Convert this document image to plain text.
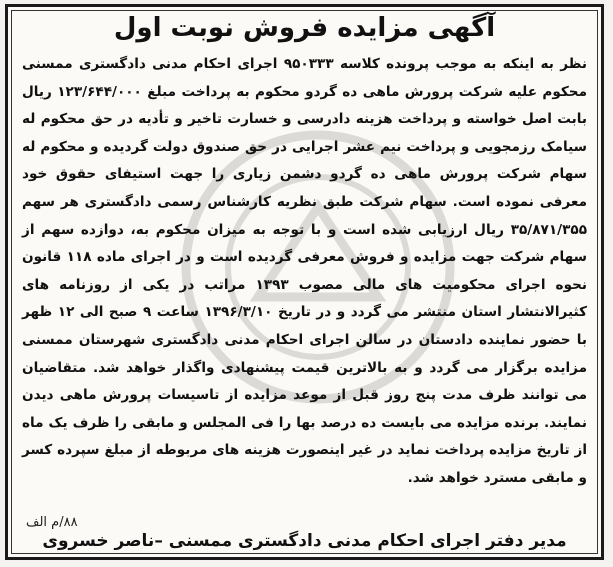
آگهی مزایده فروش نوبت اول
نظر به اینکه به موجب پرونده کلاسه ۹۵۰۳۳۳ اجرای احکام مدنی دادگستری ممسنی محکوم علیه شرکت پرورش ماهی ده گردو محکوم به پرداخت مبلغ ۱۲۳/۶۴۴/۰۰۰ ریال بابت اصل خواسته و پرداخت هزینه دادرسی و خسارت تاخیر و تأدیه در حق محکوم له سیامک رزمجویی و پرداخت نیم عشر اجرایی در حق صندوق دولت گردیده و محکوم له سهام شرکت پرورش ماهی ده گردو دشمن زیاری را جهت استیفای حقوق خود معرفی نموده است. سهام شرکت طبق نظریه کارشناس رسمی دادگستری هر سهم ۳۵/۸۷۱/۳۵۵ ریال ارزیابی شده است و با توجه به میزان محکوم به، دوازده سهم از سهام شرکت جهت مزایده و فروش معرفی گردیده است و در اجرای ماده ۱۱۸ قانون نحوه اجرای محکومیت های مالی مصوب ۱۳۹۳ مراتب در یکی از روزنامه های کثیرالانتشار استان منتشر می گردد و در تاریخ ۱۳۹۶/۳/۱۰ ساعت ۹ صبح الی ۱۲ ظهر با حضور نماینده دادستان در سالن اجرای احکام مدنی دادگستری شهرستان ممسنی مزایده برگزار می گردد و به بالاترین قیمت پیشنهادی واگذار خواهد شد. متقاضیان می توانند ظرف مدت پنج روز قبل از موعد مزایده از تاسیسات پرورش ماهی دیدن نمایند. برنده مزایده می بایست ده درصد بها را فی المجلس و مابقی را ظرف یک ماه از تاریخ مزایده پرداخت نماید در غیر اینصورت هزینه های مربوطه از مبلغ سپرده کسر و مابقی مسترد خواهد شد.
۸۸/م الف
مدیر دفتر اجرای احکام مدنی دادگستری ممسنی –ناصر خسروی
